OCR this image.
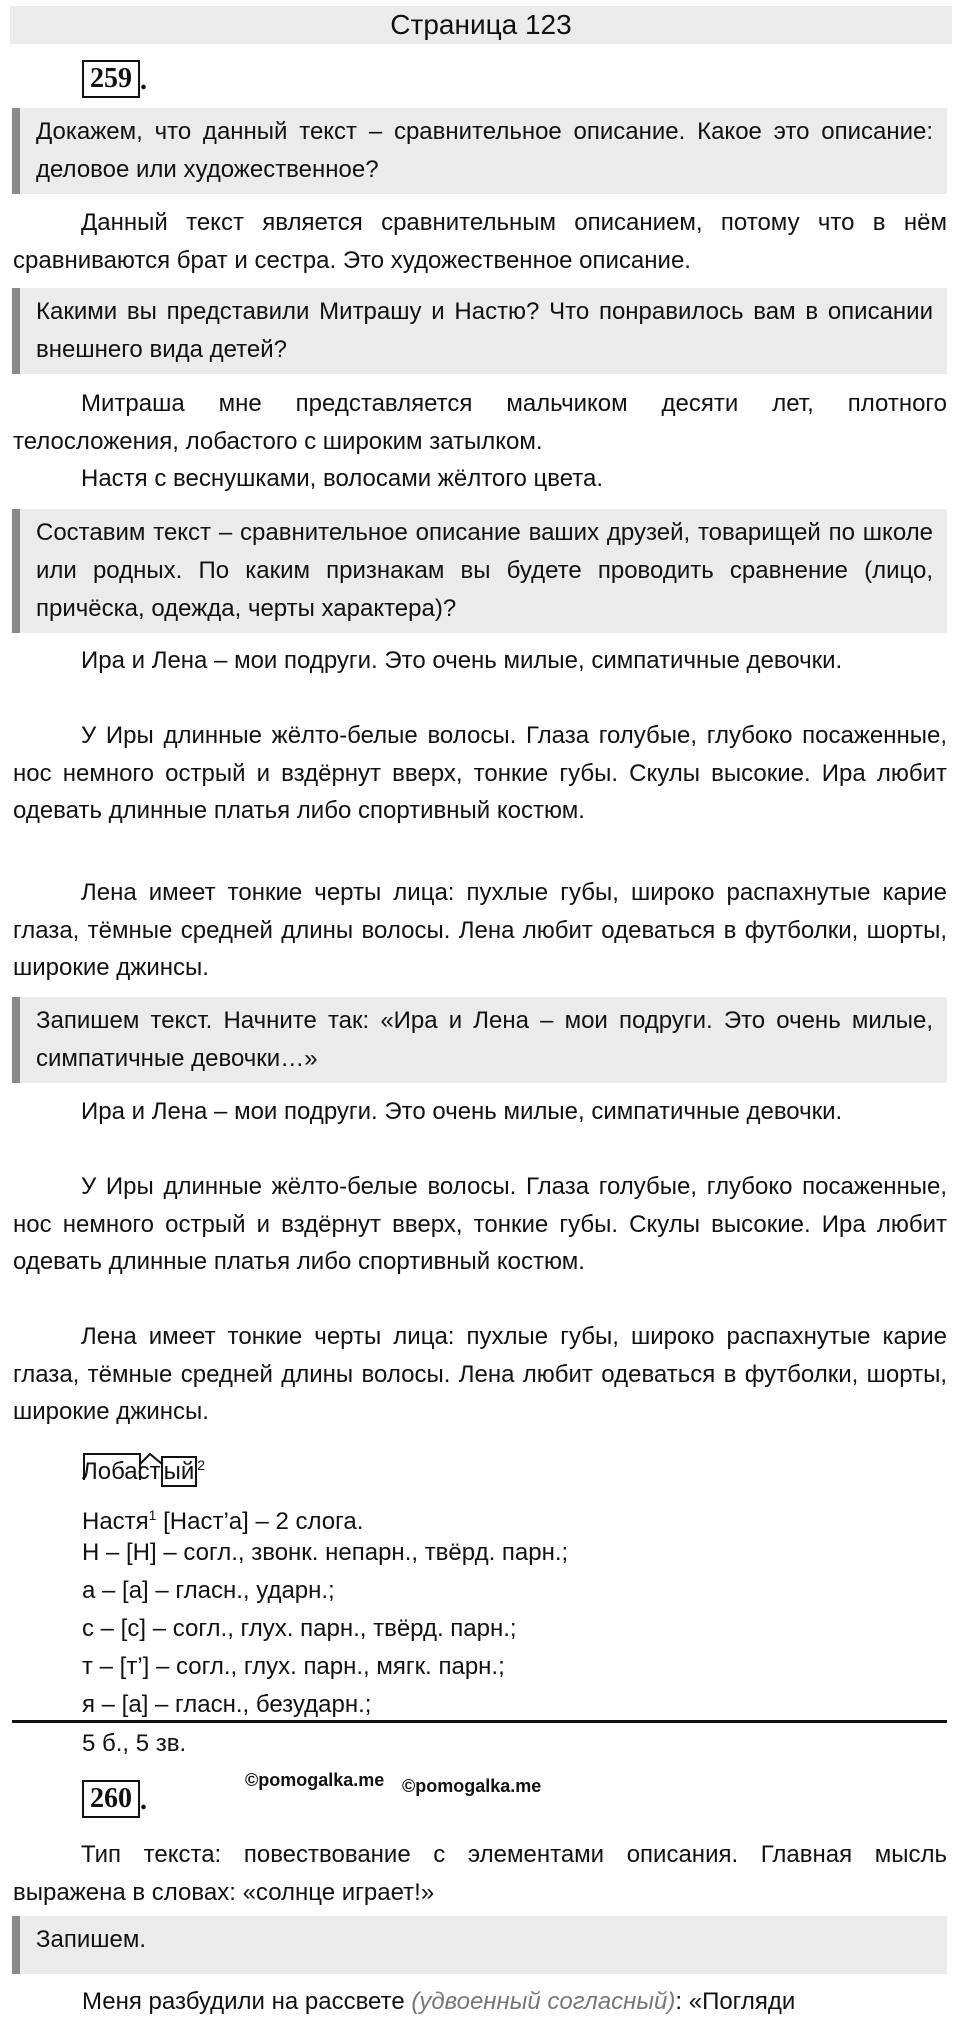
Страница 123
259 .
Докажем, что данный текст – сравнительное описание. Какое это описание: деловое или художественное?

Данный текст является сравнительным описанием, потому что в нём сравниваются брат и сестра. Это художественное описание.

Какими вы представили Митрашу и Настю? Что понравилось вам в описании внешнего вида детей?

Митраша мне представляется мальчиком десяти лет, плотного телосложения, лобастого с широким затылком.

Настя с веснушками, волосами жёлтого цвета.

Составим текст – сравнительное описание ваших друзей, товарищей по школе или родных. По каким признакам вы будете проводить сравнение (лицо, причёска, одежда, черты характера)?

Ира и Лена – мои подруги. Это очень милые, симпатичные девочки.

У Иры длинные жёлто-белые волосы. Глаза голубые, глубоко посаженные, нос немного острый и вздёрнут вверх, тонкие губы. Скулы высокие. Ира любит одевать длинные платья либо спортивный костюм.

Лена имеет тонкие черты лица: пухлые губы, широко распахнутые карие глаза, тёмные средней длины волосы. Лена любит одеваться в футболки, шорты, широкие джинсы.

Запишем текст. Начните так: «Ира и Лена – мои подруги. Это очень милые, симпатичные девочки…»

Ира и Лена – мои подруги. Это очень милые, симпатичные девочки.

У Иры длинные жёлто-белые волосы. Глаза голубые, глубоко посаженные, нос немного острый и вздёрнут вверх, тонкие губы. Скулы высокие. Ира любит одевать длинные платья либо спортивный костюм.

Лена имеет тонкие черты лица: пухлые губы, широко распахнутые карие глаза, тёмные средней длины волосы. Лена любит одеваться в футболки, шорты, широкие джинсы.

Лобаст ый $^2$
Настя$^1$ [Наст’а] – 2 слога.
Н – [Н] – согл., звонк. непарн., твёрд. парн.;
а – [а] – гласн., ударн.;
с – [с] – согл., глух. парн., твёрд. парн.;
т – [т’] – согл., глух. парн., мягк. парн.;
я – [а] – гласн., безударн.;
5 б., 5 зв.
©pomogalka.me ©pomogalka.me
260 .

Тип текста: повествование с элементами описания. Главная мысль выражена в словах: «солнце играет!»

Запишем.
Меня разбудили на рассвете (удвоенный согласный): «Погляди
